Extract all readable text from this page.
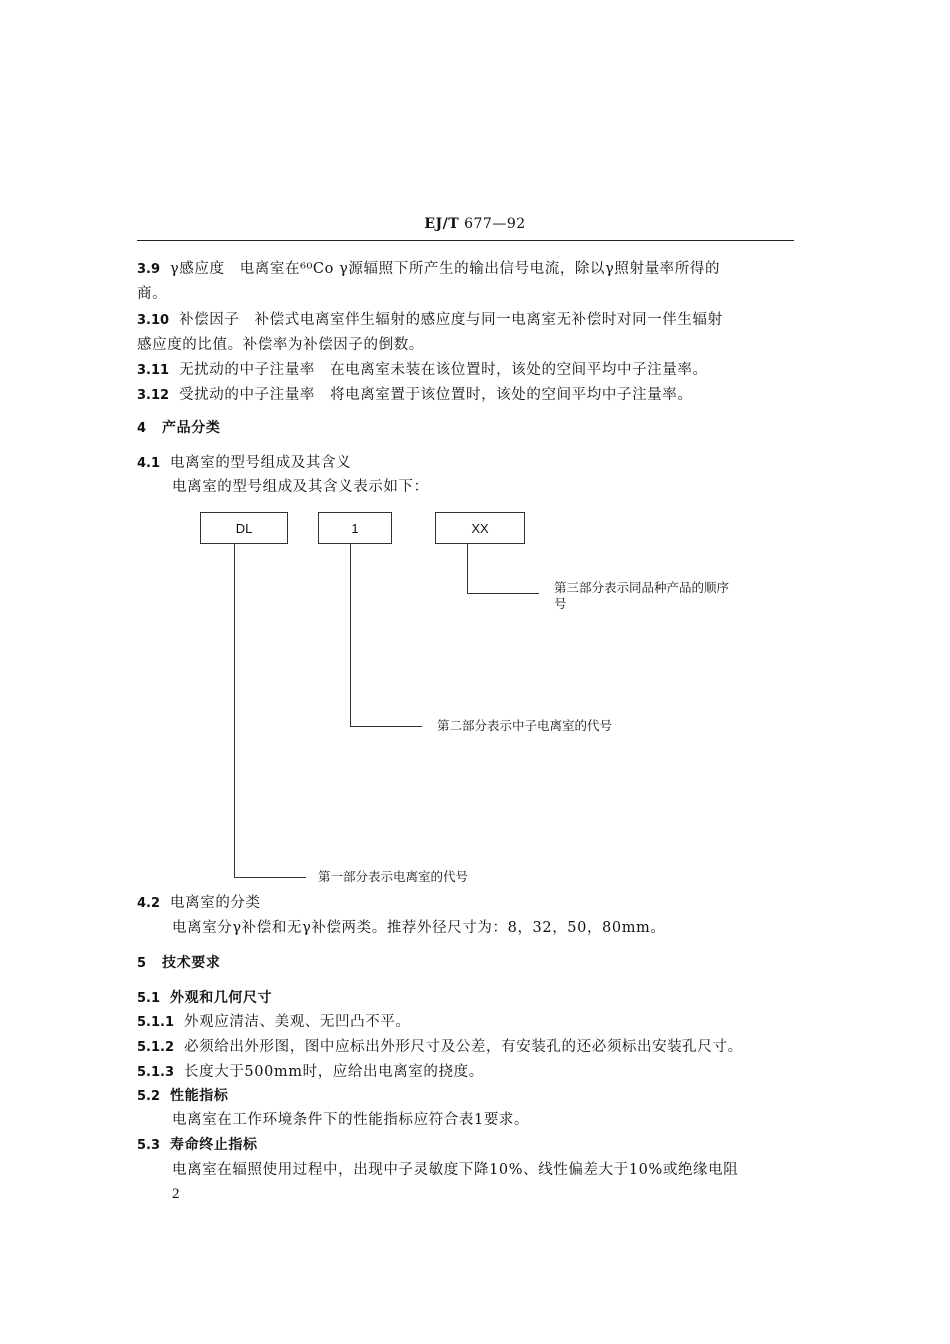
EJ/T 677—92
3.9 γ感应度　电离室在⁶⁰Co γ源辐照下所产生的输出信号电流，除以γ照射量率所得的
商。
3.10 补偿因子　补偿式电离室伴生辐射的感应度与同一电离室无补偿时对同一伴生辐射
感应度的比值。补偿率为补偿因子的倒数。
3.11 无扰动的中子注量率　在电离室未装在该位置时，该处的空间平均中子注量率。
3.12 受扰动的中子注量率　将电离室置于该位置时，该处的空间平均中子注量率。
4 产品分类
4.1 电离室的型号组成及其含义
电离室的型号组成及其含义表示如下：
DL	1	XX
第三部分表示同品种产品的顺序
号
第二部分表示中子电离室的代号
第一部分表示电离室的代号
4.2 电离室的分类
电离室分γ补偿和无γ补偿两类。推荐外径尺寸为：8，32，50，80mm。
5 技术要求
5.1 外观和几何尺寸
5.1.1 外观应清洁、美观、无凹凸不平。
5.1.2 必须给出外形图，图中应标出外形尺寸及公差，有安装孔的还必须标出安装孔尺寸。
5.1.3 长度大于500mm时，应给出电离室的挠度。
5.2 性能指标
电离室在工作环境条件下的性能指标应符合表1要求。
5.3 寿命终止指标
电离室在辐照使用过程中，出现中子灵敏度下降10%、线性偏差大于10%或绝缘电阻
2
